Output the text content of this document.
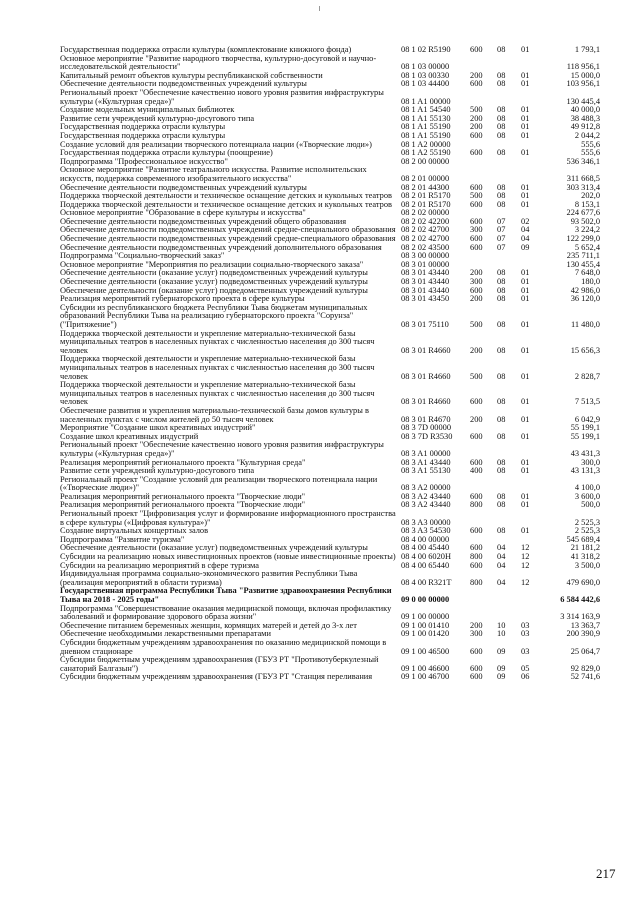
Государственная поддержка отрасли культуры (комплектование книжного фонда)	08 1 02 R5190 600 08 01	1 793,1
Основное мероприятие "Развитие народного творчества, культурно-досуговой и научно-исследовательской деятельности"	08 1 03 00000	118 956,1
Капитальный ремонт объектов культуры республиканской собственности	08 1 03 00330 200 08 01	15 000,0
Обеспечение деятельности подведомственных учреждений культуры	08 1 03 44400 600 08 01	103 956,1
Региональный проект "Обеспечение качественно нового уровня развития инфраструктуры культуры («Культурная среда»)"	08 1 A1 00000	130 445,4
Создание модельных муниципальных библиотек	08 1 A1 54540 500 08 01	40 000,0
Развитие сети учреждений культурно-досугового типа	08 1 A1 55130 200 08 01	38 488,3
Государственная поддержка отрасли культуры	08 1 A1 55190 200 08 01	49 912,8
Государственная поддержка отрасли культуры	08 1 A1 55190 600 08 01	2 044,2
Создание условий для реализации творческого потенциала нации («Творческие люди»)	08 1 A2 00000	555,6
Государственная поддержка отрасли культуры (поощрение)	08 1 A2 55190 600 08 01	555,6
Подпрограмма "Профессиональное искусство"	08 2 00 00000	536 346,1
Основное мероприятие "Развитие театрального искусства. Развитие исполнительских искусств, поддержка современного изобразительного искусства"	08 2 01 00000	311 668,5
Обеспечение деятельности подведомственных учреждений культуры	08 2 01 44300 600 08 01	303 313,4
Поддержка творческой деятельности и техническое оснащение детских и кукольных театров	08 2 01 R5170 500 08 01	202,0
Поддержка творческой деятельности и техническое оснащение детских и кукольных театров	08 2 01 R5170 600 08 01	8 153,1
Основное мероприятие "Образование в сфере культуры и искусства"	08 2 02 00000	224 677,6
Обеспечение деятельности подведомственных учреждений общего образования	08 2 02 42200 600 07 02	93 502,0
Обеспечение деятельности подведомственных учреждений средне-специального образования 08 2 02 42700 300 07 04	3 224,2
Обеспечение деятельности подведомственных учреждений средне-специального образования 08 2 02 42700 600 07 04	122 299,0
Обеспечение деятельности подведомственных учреждений дополнительного образования	08 2 02 43500 600 07 09	5 652,4
Подпрограмма "Социально-творческий заказ"	08 3 00 00000	235 711,1
Основное мероприятие "Мероприятия по реализации социально-творческого заказа"	08 3 01 00000	130 455,4
Обеспечение деятельности (оказание услуг) подведомственных учреждений культуры	08 3 01 43440 200 08 01	7 648,0
Обеспечение деятельности (оказание услуг) подведомственных учреждений культуры	08 3 01 43440 300 08 01	180,0
Обеспечение деятельности (оказание услуг) подведомственных учреждений культуры	08 3 01 43440 600 08 01	42 986,0
Реализация мероприятий губернаторского проекта в сфере культуры	08 3 01 43450 200 08 01	36 120,0
Субсидии из республиканского бюджета Республики Тыва бюджетам муниципальных образований Республики Тыва на реализацию губернаторского проекта "Сорунза" ("Притяжение")	08 3 01 75110	500 08 01	11 480,0
Поддержка творческой деятельности и укрепление материально-технической базы муниципальных театров в населенных пунктах с численностью населения до 300 тысяч человек	08 3 01 R4660 200 08 01	15 656,3
Поддержка творческой деятельности и укрепление материально-технической базы муниципальных театров в населенных пунктах с численностью населения до 300 тысяч человек	08 3 01 R4660 500 08 01	2 828,7
Поддержка творческой деятельности и укрепление материально-технической базы муниципальных театров в населенных пунктах с численностью населения до 300 тысяч человек	08 3 01 R4660 600 08 01	7 513,5
Обеспечение развития и укрепления материально-технической базы домов культуры в населенных пунктах с числом жителей до 50 тысяч человек	08 3 01 R4670 200 08 01	6 042,9
Мероприятие "Создание школ креативных индустрий"	08 3 7D 00000	55 199,1
Создание школ креативных индустрий	08 3 7D R3530 600 08 01	55 199,1
Региональный проект "Обеспечение качественно нового уровня развития инфраструктуры культуры («Культурная среда»)"	08 3 A1 00000	43 431,3
Реализация мероприятий регионального проекта "Культурная среда"	08 3 A1 43440 600 08 01	300,0
Развитие сети учреждений культурно-досугового типа	08 3 A1 55130 400 08 01	43 131,3
Региональный проект "Создание условий для реализации творческого потенциала нации («Творческие люди»)"	08 3 A2 00000	4 100,0
Реализация мероприятий регионального проекта "Творческие люди"	08 3 A2 43440 600 08 01	3 600,0
Реализация мероприятий регионального проекта "Творческие люди"	08 3 A2 43440 800 08 01	500,0
Региональный проект "Цифровизация услуг и формирование информационного пространства в сфере культуры («Цифровая культура»)"	08 3 A3 00000	2 525,3
Создание виртуальных концертных залов	08 3 A3 54530 600 08 01	2 525,3
Подпрограмма "Развитие туризма"	08 4 00 00000	545 689,4
Обеспечение деятельности (оказание услуг) подведомственных учреждений культуры	08 4 00 45440 600 04 12	21 181,2
Субсидии на реализацию новых инвестиционных проектов (новые инвестиционные проекты) 08 4 00 6020H 800 04 12	41 318,2
Субсидии на реализацию мероприятий в сфере туризма	08 4 00 65440 600 04 12	3 500,0
Индивидуальная программа социально-экономического развития Республики Тыва (реализация мероприятий в области туризма)	08 4 00 R321T 800 04 12	479 690,0
Государственная программа Республики Тыва "Развитие здравоохранения Республики Тыва на 2018 - 2025 годы"	09 0 00 00000	6 584 442,6
Подпрограмма "Совершенствование оказания медицинской помощи, включая профилактику заболеваний и формирование здорового образа жизни"	09 1 00 00000	3 314 163,9
Обеспечение питанием беременных женщин, кормящих матерей и детей до 3-х лет	09 1 00 01410 200 10 03	13 363,7
Обеспечение необходимыми лекарственными препаратами	09 1 00 01420 300 10 03	200 390,9
Субсидии бюджетным учреждениям здравоохранения по оказанию медицинской помощи в дневном стационаре	09 1 00 46500 600 09 03	25 064,7
Субсидии бюджетным учреждениям здравоохранения (ГБУЗ РТ "Противотуберкулезный санаторий Балгазын")	09 1 00 46600 600 09 05	92 829,0
Субсидии бюджетным учреждениям здравоохранения (ГБУЗ РТ "Станция переливания	09 1 00 46700 600 09 06	52 741,6
217
